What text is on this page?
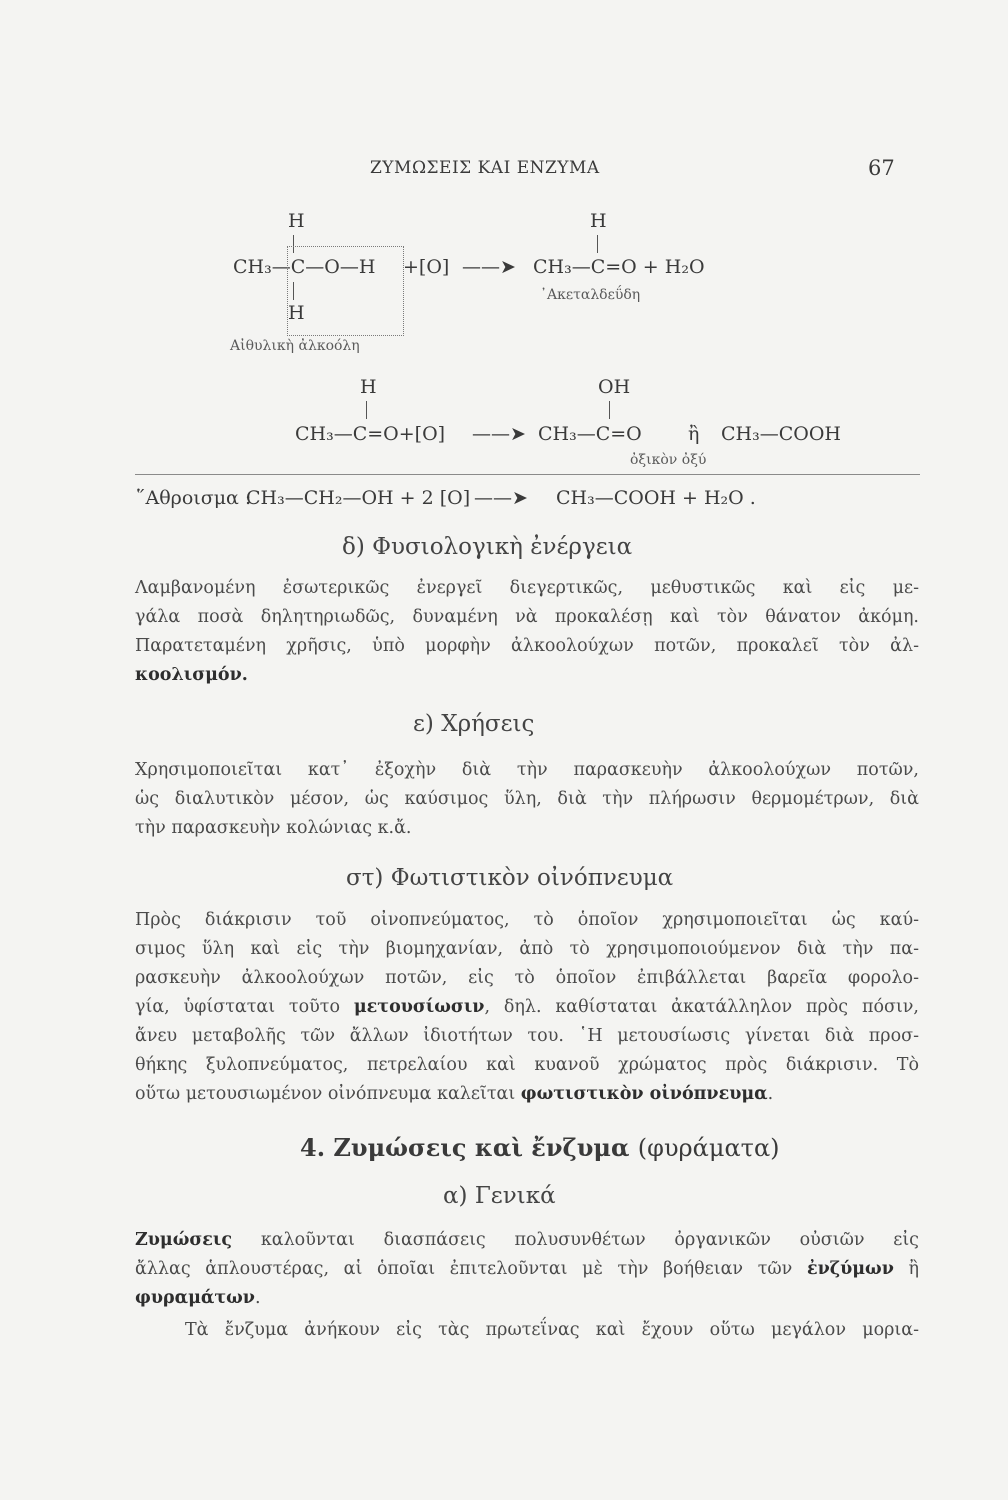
ΖΥΜΩΣΕΙΣ ΚΑΙ ΕΝΖΥΜΑ	67
H
CH₃—C—O—H +[O] ——➤
H
CH₃—C=O + H₂O
᾿Ακεταλδεΰδη
H
Αἰθυλικὴ ἀλκοόλη
H
CH₃—C=O+[O] ——➤
OH
CH₃—C=O ἢ CH₃—COOH
ὀξικὸν ὀξύ
῞Αθροισμα :
CH₃—CH₂—OH + 2 [O] ——➤ CH₃—COOH + H₂O .
δ) Φυσιολογικὴ ἐνέργεια
Λαμβανομένη ἐσωτερικῶς ἐνεργεῖ διεγερτικῶς, μεθυστικῶς καὶ εἰς με-
γάλα ποσὰ δηλητηριωδῶς, δυναμένη νὰ προκαλέσῃ καὶ τὸν θάνατον ἀκόμη.
Παρατεταμένη χρῆσις, ὑπὸ μορφὴν ἀλκοολούχων ποτῶν, προκαλεῖ τὸν ἀλ-
κοολισμόν.
ε) Χρήσεις
Χρησιμοποιεῖται κατ᾿ ἐξοχὴν διὰ τὴν παρασκευὴν ἀλκοολούχων ποτῶν,
ὡς διαλυτικὸν μέσον, ὡς καύσιμος ὕλη, διὰ τὴν πλήρωσιν θερμομέτρων, διὰ
τὴν παρασκευὴν κολώνιας κ.ἄ.
στ) Φωτιστικὸν οἰνόπνευμα
Πρὸς διάκρισιν τοῦ οἰνοπνεύματος, τὸ ὁποῖον χρησιμοποιεῖται ὡς καύ-
σιμος ὕλη καὶ εἰς τὴν βιομηχανίαν, ἀπὸ τὸ χρησιμοποιούμενον διὰ τὴν πα-
ρασκευὴν ἀλκοολούχων ποτῶν, εἰς τὸ ὁποῖον ἐπιβάλλεται βαρεῖα φορολο-
γία, ὑφίσταται τοῦτο μετουσίωσιν, δηλ. καθίσταται ἀκατάλληλον πρὸς πόσιν,
ἄνευ μεταβολῆς τῶν ἄλλων ἰδιοτήτων του. ῾Η μετουσίωσις γίνεται διὰ προσ-
θήκης ξυλοπνεύματος, πετρελαίου καὶ κυανοῦ χρώματος πρὸς διάκρισιν. Τὸ
οὕτω μετουσιωμένον οἰνόπνευμα καλεῖται φωτιστικὸν οἰνόπνευμα.
4. Ζυμώσεις καὶ ἔνζυμα (φυράματα)
α) Γενικά
Ζυμώσεις καλοῦνται διασπάσεις πολυσυνθέτων ὀργανικῶν οὐσιῶν εἰς
ἄλλας ἁπλουστέρας, αἱ ὁποῖαι ἐπιτελοῦνται μὲ τὴν βοήθειαν τῶν ἐνζύμων ἢ
φυραμάτων.
Τὰ ἔνζυμα ἀνήκουν εἰς τὰς πρωτεΐνας καὶ ἔχουν οὕτω μεγάλον μορια-
